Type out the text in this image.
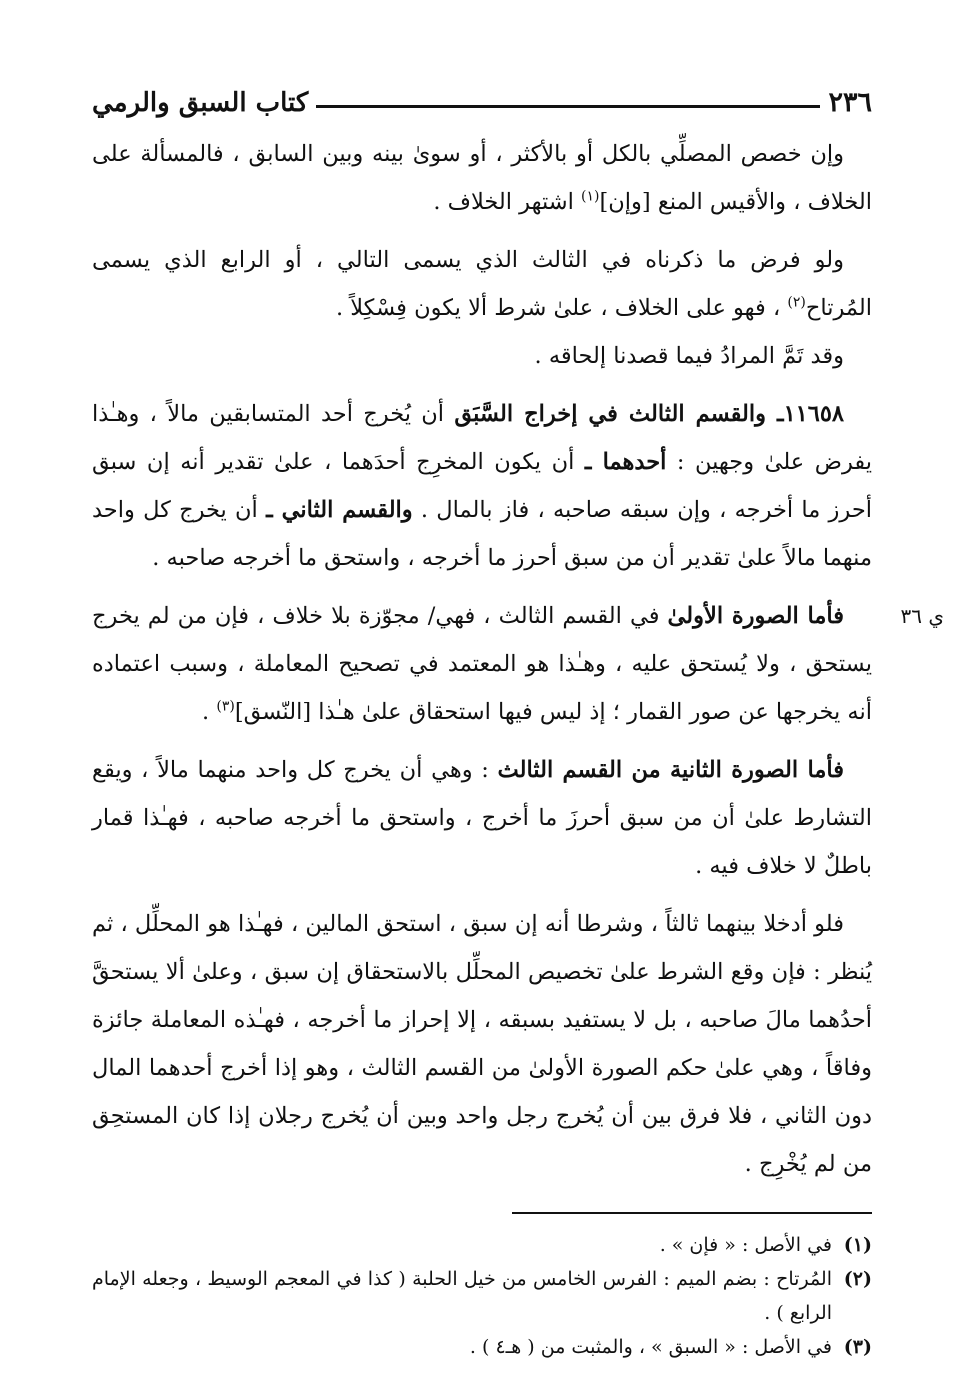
٢٣٦
كتاب السبق والرمي

وإن خصص المصلِّي بالكل أو بالأكثر ، أو سوىٰ بينه وبين السابق ، فالمسألة على الخلاف ، والأقيس المنع [وإن]$^{(١)}$ اشتهر الخلاف .

ولو فرض ما ذكرناه في الثالث الذي يسمى التالي ، أو الرابع الذي يسمى المُرتاح$^{(٢)}$ ، فهو على الخلاف ، علىٰ شرط ألا يكون فِسْكِلاً .

وقد تَمَّ المرادُ فيما قصدنا إلحاقه .

١١٦٥٨ـ والقسم الثالث في إخراج السَّبَق أن يُخرج أحد المتسابقين مالاً ، وهـٰذا يفرض علىٰ وجهين : أحدهما ـ أن يكون المخرِج أحدَهما ، علىٰ تقدير أنه إن سبق أحرز ما أخرجه ، وإن سبقه صاحبه ، فاز بالمال . والقسم الثاني ـ أن يخرج كل واحد منهما مالاً علىٰ تقدير أن من سبق أحرز ما أخرجه ، واستحق ما أخرجه صاحبه .

ي ٣٦
فأما الصورة الأولىٰ في القسم الثالث ، فهي/ مجوّزة بلا خلاف ، فإن من لم يخرج يستحق ، ولا يُستحق عليه ، وهـٰذا هو المعتمد في تصحيح المعاملة ، وسبب اعتماده أنه يخرجها عن صور القمار ؛ إذ ليس فيها استحقاق علىٰ هـٰذا [النّسق]$^{(٣)}$ .

فأما الصورة الثانية من القسم الثالث : وهي أن يخرج كل واحد منهما مالاً ، ويقع التشارط علىٰ أن من سبق أحرزَ ما أخرج ، واستحق ما أخرجه صاحبه ، فهـٰذا قمار باطلٌ لا خلاف فيه .

فلو أدخلا بينهما ثالثاً ، وشرطا أنه إن سبق ، استحق المالين ، فهـٰذا هو المحلِّل ، ثم يُنظر : فإن وقع الشرط علىٰ تخصيص المحلِّل بالاستحقاق إن سبق ، وعلىٰ ألا يستحقَّ أحدُهما مالَ صاحبه ، بل لا يستفيد بسبقه ، إلا إحراز ما أخرجه ، فهـٰذه المعاملة جائزة وفاقاً ، وهي علىٰ حكم الصورة الأولىٰ من القسم الثالث ، وهو إذا أخرج أحدهما المال دون الثاني ، فلا فرق بين أن يُخرج رجل واحد وبين أن يُخرج رجلان إذا كان المستحِق من لم يُخْرِج .

(١)
في الأصل : « فإن » .
(٢)
المُرتاح : بضم الميم : الفرس الخامس من خيل الحلبة ( كذا في المعجم الوسيط ، وجعله الإمام الرابع ) .
(٣)
في الأصل : « السبق » ، والمثبت من ( هـ٤ ) .
